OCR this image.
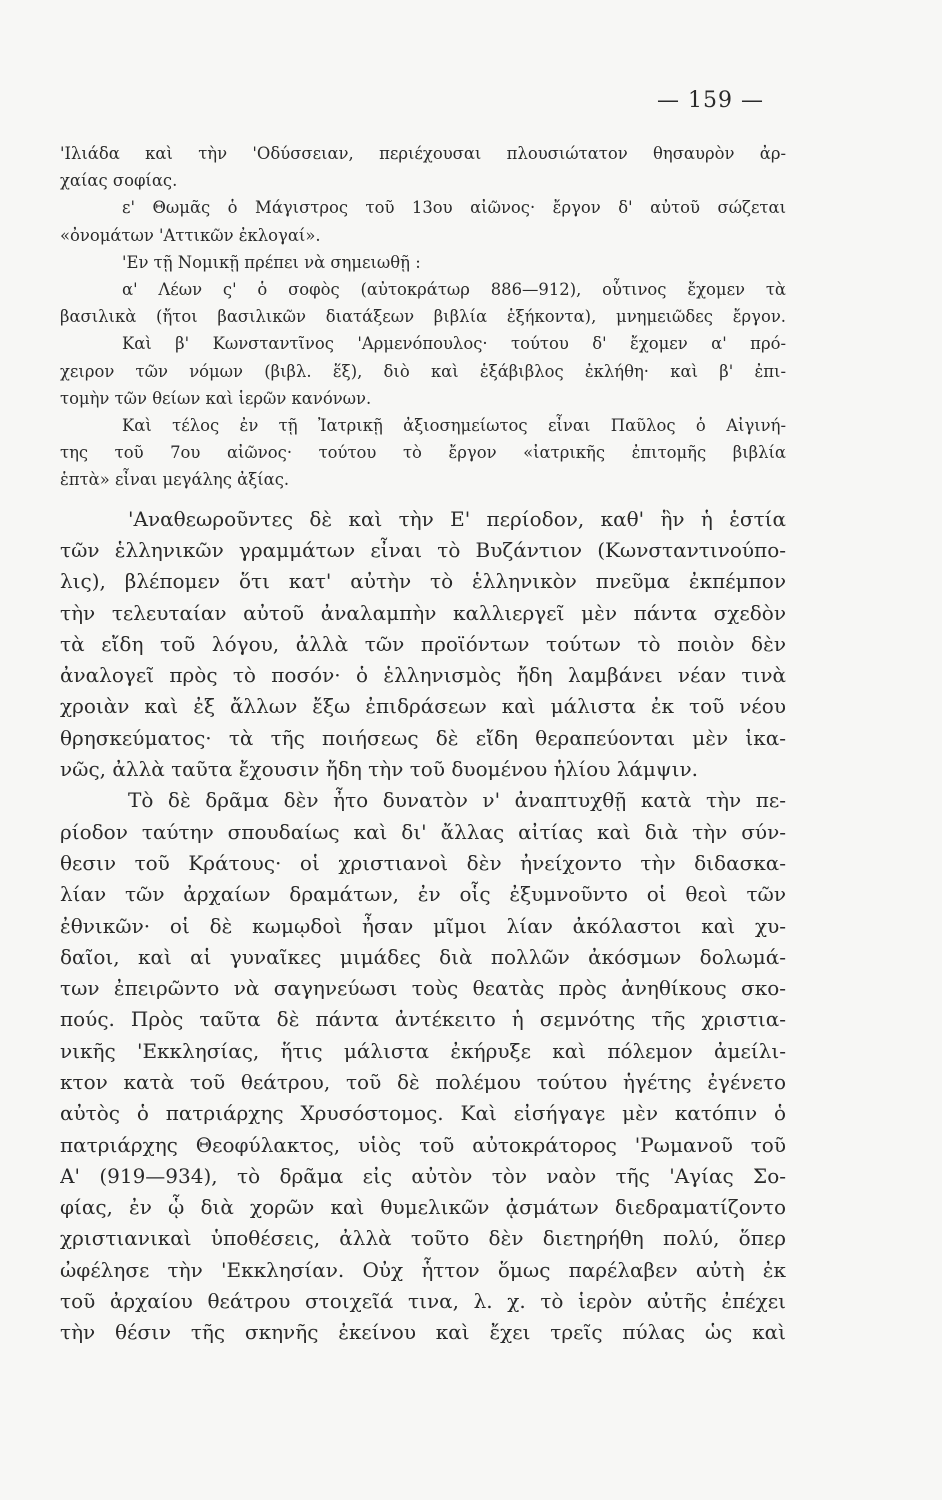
— 159 —

'Ιλιάδα καὶ τὴν 'Οδύσσειαν, περιέχουσαι πλουσιώτατον θησαυρὸν ἀρ-
χαίας σοφίας.

ε' Θωμᾶς ὁ Μάγιστρος τοῦ 13ου αἰῶνος· ἔργον δ' αὐτοῦ σώζεται
«ὀνομάτων 'Αττικῶν ἐκλογαί».

'Εν τῇ Νομικῇ πρέπει νὰ σημειωθῇ :

α' Λέων ς' ὁ σοφὸς (αὐτοκράτωρ 886—912), οὗτινος ἔχομεν τὰ
βασιλικὰ (ἤτοι βασιλικῶν διατάξεων βιβλία ἑξήκοντα), μνημειῶδες ἔργον.

Καὶ β' Κωνσταντῖνος 'Αρμενόπουλος· τούτου δ' ἔχομεν α' πρό-
χειρον τῶν νόμων (βιβλ. ἕξ), διὸ καὶ ἑξάβιβλος ἐκλήθη· καὶ β' ἐπι-
τομὴν τῶν θείων καὶ ἱερῶν κανόνων.

Καὶ τέλος ἐν τῇ Ἰατρικῇ ἀξιοσημείωτος εἶναι Παῦλος ὁ Αἰγινή-
της τοῦ 7ου αἰῶνος· τούτου τὸ ἔργον «ἰατρικῆς ἐπιτομῆς βιβλία
ἑπτὰ» εἶναι μεγάλης ἀξίας.

'Αναθεωροῦντες δὲ καὶ τὴν Ε' περίοδον, καθ' ἣν ἡ ἑστία
τῶν ἑλληνικῶν γραμμάτων εἶναι τὸ Βυζάντιον (Κωνσταντινούπο-
λις), βλέπομεν ὅτι κατ' αὐτὴν τὸ ἑλληνικὸν πνεῦμα ἐκπέμπον
τὴν τελευταίαν αὐτοῦ ἀναλαμπὴν καλλιεργεῖ μὲν πάντα σχεδὸν
τὰ εἴδη τοῦ λόγου, ἀλλὰ τῶν προϊόντων τούτων τὸ ποιὸν δὲν
ἀναλογεῖ πρὸς τὸ ποσόν· ὁ ἑλληνισμὸς ἤδη λαμβάνει νέαν τινὰ
χροιὰν καὶ ἐξ ἄλλων ἔξω ἐπιδράσεων καὶ μάλιστα ἐκ τοῦ νέου
θρησκεύματος· τὰ τῆς ποιήσεως δὲ εἴδη θεραπεύονται μὲν ἱκα-
νῶς, ἀλλὰ ταῦτα ἔχουσιν ἤδη τὴν τοῦ δυομένου ἡλίου λάμψιν.

Τὸ δὲ δρᾶμα δὲν ἦτο δυνατὸν ν' ἀναπτυχθῇ κατὰ τὴν πε-
ρίοδον ταύτην σπουδαίως καὶ δι' ἄλλας αἰτίας καὶ διὰ τὴν σύν-
θεσιν τοῦ Κράτους· οἱ χριστιανοὶ δὲν ἠνείχοντο τὴν διδασκα-
λίαν τῶν ἀρχαίων δραμάτων, ἐν οἷς ἐξυμνοῦντο οἱ θεοὶ τῶν
ἐθνικῶν· οἱ δὲ κωμῳδοὶ ἦσαν μῖμοι λίαν ἀκόλαστοι καὶ χυ-
δαῖοι, καὶ αἱ γυναῖκες μιμάδες διὰ πολλῶν ἀκόσμων δολωμά-
των ἐπειρῶντο νὰ σαγηνεύωσι τοὺς θεατὰς πρὸς ἀνηθίκους σκο-
πούς. Πρὸς ταῦτα δὲ πάντα ἀντέκειτο ἡ σεμνότης τῆς χριστια-
νικῆς 'Εκκλησίας, ἥτις μάλιστα ἐκήρυξε καὶ πόλεμον ἀμείλι-
κτον κατὰ τοῦ θεάτρου, τοῦ δὲ πολέμου τούτου ἡγέτης ἐγένετο
αὐτὸς ὁ πατριάρχης Χρυσόστομος. Καὶ εἰσήγαγε μὲν κατόπιν ὁ
πατριάρχης Θεοφύλακτος, υἱὸς τοῦ αὐτοκράτορος 'Ρωμανοῦ τοῦ
Α' (919—934), τὸ δρᾶμα εἰς αὐτὸν τὸν ναὸν τῆς 'Αγίας Σο-
φίας, ἐν ᾧ διὰ χορῶν καὶ θυμελικῶν ᾀσμάτων διεδραματίζοντο
χριστιανικαὶ ὑποθέσεις, ἀλλὰ τοῦτο δὲν διετηρήθη πολύ, ὅπερ
ὠφέλησε τὴν 'Εκκλησίαν. Οὐχ ἧττον ὅμως παρέλαβεν αὐτὴ ἐκ
τοῦ ἀρχαίου θεάτρου στοιχεῖά τινα, λ. χ. τὸ ἱερὸν αὐτῆς ἐπέχει
τὴν θέσιν τῆς σκηνῆς ἐκείνου καὶ ἔχει τρεῖς πύλας ὡς καὶ
